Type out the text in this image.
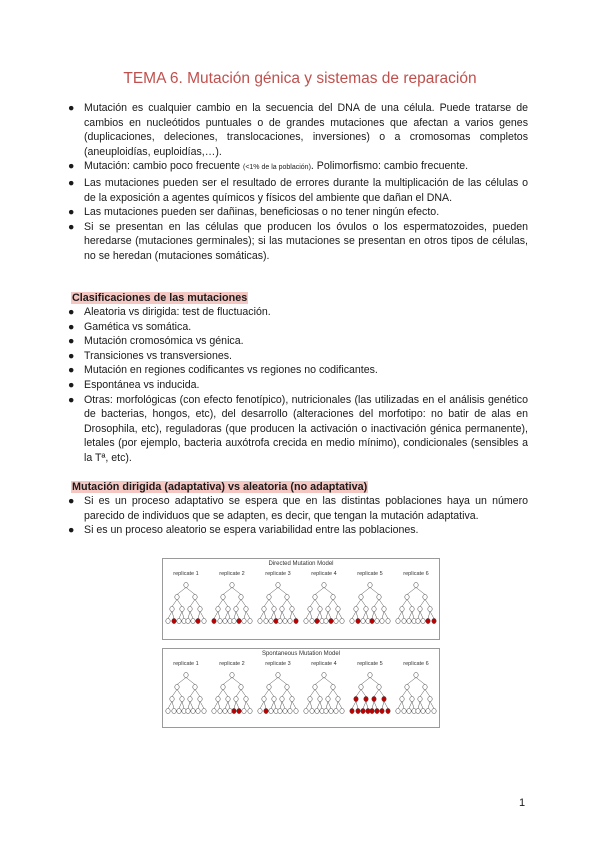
TEMA 6. Mutación génica y sistemas de reparación
● Mutación es cualquier cambio en la secuencia del DNA de una célula. Puede tratarse de cambios en nucleótidos puntuales o de grandes mutaciones que afectan a varios genes (duplicaciones, deleciones, translocaciones, inversiones) o a cromosomas completos (aneuploidías, euploidías,…).
● Mutación: cambio poco frecuente (<1% de la población). Polimorfismo: cambio frecuente.
● Las mutaciones pueden ser el resultado de errores durante la multiplicación de las células o de la exposición a agentes químicos y físicos del ambiente que dañan el DNA.
● Las mutaciones pueden ser dañinas, beneficiosas o no tener ningún efecto.
● Si se presentan en las células que producen los óvulos o los espermatozoides, pueden heredarse (mutaciones germinales); si las mutaciones se presentan en otros tipos de células, no se heredan (mutaciones somáticas).
Clasificaciones de las mutaciones
● Aleatoria vs dirigida: test de fluctuación.
● Gamética vs somática.
● Mutación cromosómica vs génica.
● Transiciones vs transversiones.
● Mutación en regiones codificantes vs regiones no codificantes.
● Espontánea vs inducida.
● Otras: morfológicas (con efecto fenotípico), nutricionales (las utilizadas en el análisis genético de bacterias, hongos, etc), del desarrollo (alteraciones del morfotipo: no batir de alas en Drosophila, etc), reguladoras (que producen la activación o inactivación génica permanente), letales (por ejemplo, bacteria auxótrofa crecida en medio mínimo), condicionales (sensibles a la Tª, etc).
Mutación dirigida (adaptativa) vs aleatoria (no adaptativa)
● Si es un proceso adaptativo se espera que en las distintas poblaciones haya un número parecido de individuos que se adapten, es decir, que tengan la mutación adaptativa.
● Si es un proceso aleatorio se espera variabilidad entre las poblaciones.
Directed Mutation Model
replicate 1	replicate 2	replicate 3	replicate 4	replicate 5	replicate 6
Spontaneous Mutation Model
replicate 1	replicate 2	replicate 3	replicate 4	replicate 5	replicate 6
1
